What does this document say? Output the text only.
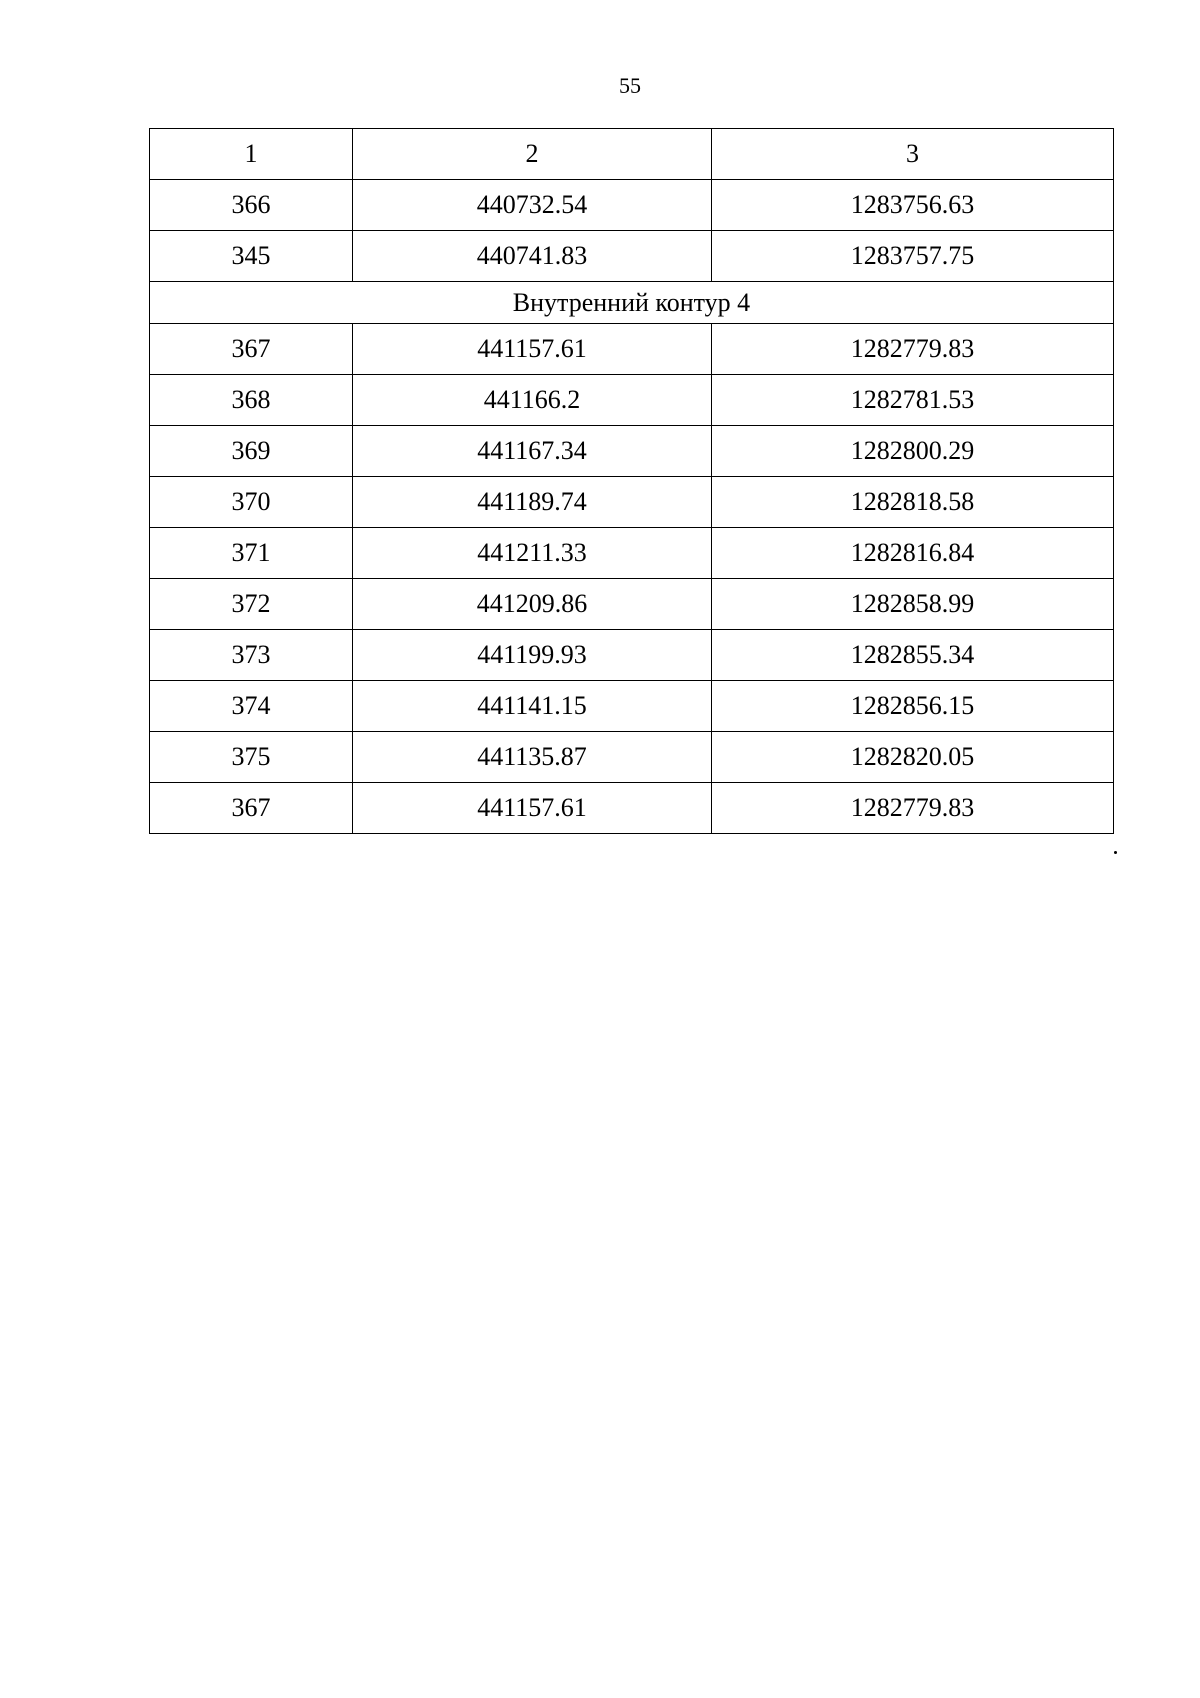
55
1	2	3
366	440732.54	1283756.63
345	440741.83	1283757.75
Внутренний контур 4		
367	441157.61	1282779.83
368	441166.2	1282781.53
369	441167.34	1282800.29
370	441189.74	1282818.58
371	441211.33	1282816.84
372	441209.86	1282858.99
373	441199.93	1282855.34
374	441141.15	1282856.15
375	441135.87	1282820.05
367	441157.61	1282779.83
